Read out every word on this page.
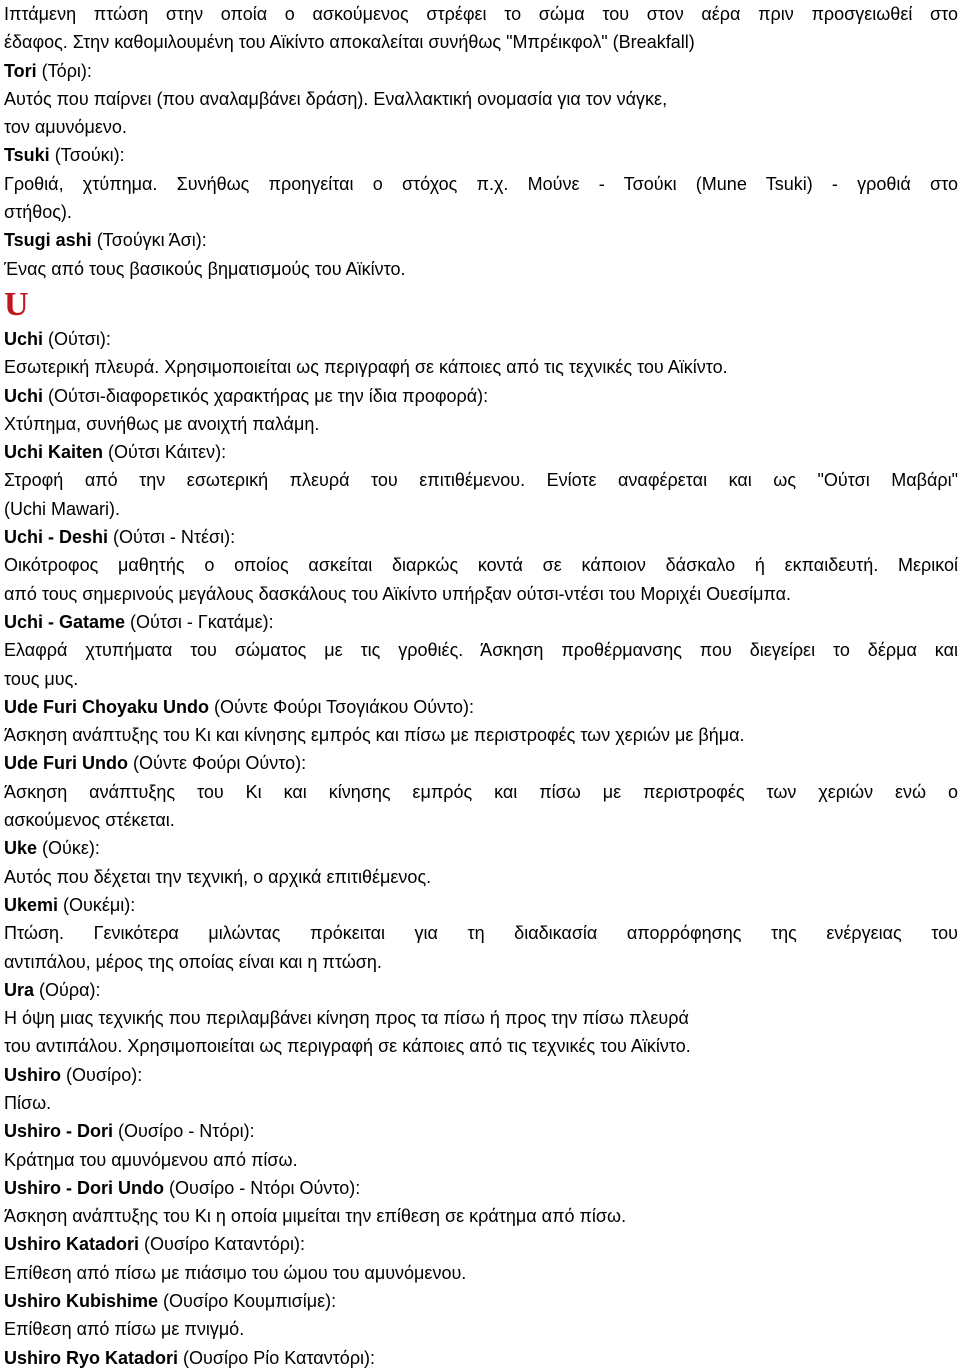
Ιπτάμενη πτώση στην οποία ο ασκούμενος στρέφει το σώμα του στον αέρα πριν προσγειωθεί στο
έδαφος. Στην καθομιλουμένη του Αϊκίντο αποκαλείται συνήθως "Μπρέικφολ" (Breakfall)
Tori (Τόρι):
Αυτός που παίρνει (που αναλαμβάνει δράση). Εναλλακτική ονομασία για τον νάγκε,
τον αμυνόμενο.
Tsuki (Τσούκι):
Γροθιά, χτύπημα. Συνήθως προηγείται ο στόχος π.χ. Μούνε - Τσούκι (Mune Tsuki) - γροθιά στο
στήθος).
Tsugi ashi (Τσούγκι Άσι):
Ένας από τους βασικούς βηματισμούς του Αϊκίντο.
U
Uchi (Ούτσι):
Εσωτερική πλευρά. Χρησιμοποιείται ως περιγραφή σε κάποιες από τις τεχνικές του Αϊκίντο.
Uchi (Ούτσι-διαφορετικός χαρακτήρας με την ίδια προφορά):
Χτύπημα, συνήθως με ανοιχτή παλάμη.
Uchi Kaiten (Ούτσι Κάιτεν):
Στροφή από την εσωτερική πλευρά του επιτιθέμενου. Ενίοτε αναφέρεται και ως "Ούτσι Μαβάρι"
(Uchi Mawari).
Uchi - Deshi (Ούτσι - Ντέσι):
Οικότροφος μαθητής ο οποίος ασκείται διαρκώς κοντά σε κάποιον δάσκαλο ή εκπαιδευτή. Μερικοί
από τους σημερινούς μεγάλους δασκάλους του Αϊκίντο υπήρξαν ούτσι-ντέσι του Μοριχέι Ουεσίμπα.
Uchi - Gatame (Ούτσι - Γκατάμε):
Ελαφρά χτυπήματα του σώματος με τις γροθιές. Άσκηση προθέρμανσης που διεγείρει το δέρμα και
τους μυς.
Ude Furi Choyaku Undo (Ούντε Φούρι Τσογιάκου Ούντο):
Άσκηση ανάπτυξης του Κι και κίνησης εμπρός και πίσω με περιστροφές των χεριών με βήμα.
Ude Furi Undo (Ούντε Φούρι Ούντο):
Άσκηση ανάπτυξης του Κι και κίνησης εμπρός και πίσω με περιστροφές των χεριών ενώ ο
ασκούμενος στέκεται.
Uke (Ούκε):
Αυτός που δέχεται την τεχνική, ο αρχικά επιτιθέμενος.
Ukemi (Ουκέμι):
Πτώση. Γενικότερα μιλώντας πρόκειται για τη διαδικασία απορρόφησης της ενέργειας του
αντιπάλου, μέρος της οποίας είναι και η πτώση.
Ura (Ούρα):
Η όψη μιας τεχνικής που περιλαμβάνει κίνηση προς τα πίσω ή προς την πίσω πλευρά
του αντιπάλου. Χρησιμοποιείται ως περιγραφή σε κάποιες από τις τεχνικές του Αϊκίντο.
Ushiro (Ουσίρο):
Πίσω.
Ushiro - Dori (Ουσίρο - Ντόρι):
Κράτημα του αμυνόμενου από πίσω.
Ushiro - Dori Undo (Ουσίρο - Ντόρι Ούντο):
Άσκηση ανάπτυξης του Κι η οποία μιμείται την επίθεση σε κράτημα από πίσω.
Ushiro Katadori (Ουσίρο Καταντόρι):
Επίθεση από πίσω με πιάσιμο του ώμου του αμυνόμενου.
Ushiro Kubishime (Ουσίρο Κουμπισίμε):
Επίθεση από πίσω με πνιγμό.
Ushiro Ryo Katadori (Ουσίρο Ρίο Καταντόρι):
